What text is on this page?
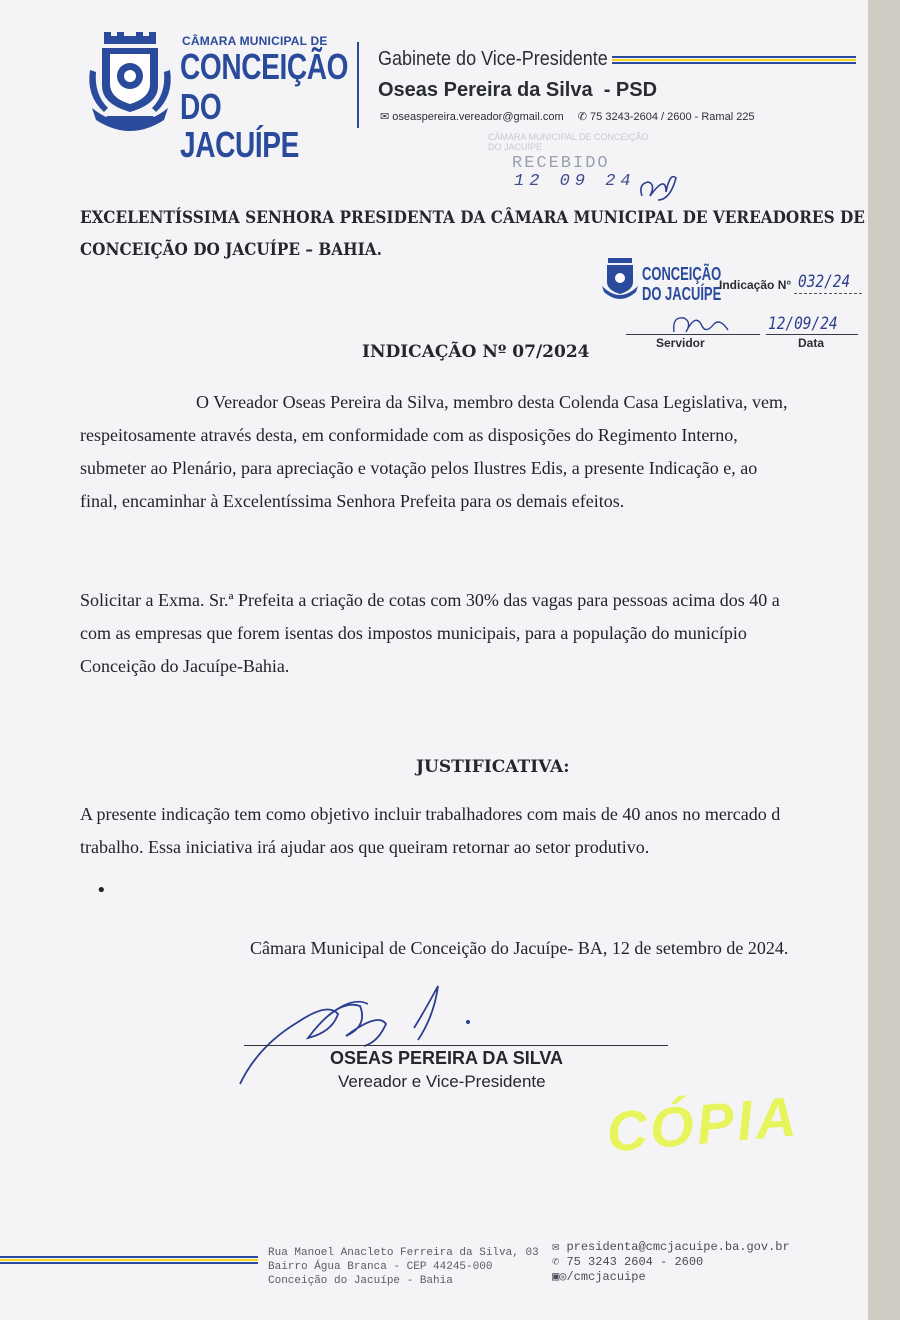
CÂMARA MUNICIPAL DE
CONCEIÇÃO
DO JACUÍPE
Gabinete do Vice-Presidente
Oseas Pereira da Silva  - PSD
✉ oseaspereira.vereador@gmail.com ✆ 75 3243-2604 / 2600 - Ramal 225
CÂMARA MUNICIPAL DE CONCEIÇÃO DO JACUÍPE
RECEBIDO
12 09 24
EXCELENTÍSSIMA SENHORA PRESIDENTA DA CÂMARA MUNICIPAL DE VEREADORES DE
CONCEIÇÃO DO JACUÍPE – BAHIA.
CONCEIÇÃO
DO JACUÍPE
Indicação N° 032/24
12/09/24
Servidor	Data
INDICAÇÃO Nº 07/2024
O Vereador Oseas Pereira da Silva, membro desta Colenda Casa Legislativa, vem,
respeitosamente através desta, em conformidade com as disposições do Regimento Interno,
submeter ao Plenário, para apreciação e votação pelos Ilustres Edis, a presente Indicação e, ao
final, encaminhar à Excelentíssima Senhora Prefeita para os demais efeitos.
Solicitar a Exma. Sr.ª Prefeita a criação de cotas com 30% das vagas para pessoas acima dos 40 a
com as empresas que forem isentas dos impostos municipais, para a população do município
Conceição do Jacuípe-Bahia.
JUSTIFICATIVA:
A presente indicação tem como objetivo incluir trabalhadores com mais de 40 anos no mercado d
trabalho. Essa iniciativa irá ajudar aos que queiram retornar ao setor produtivo.
•
Câmara Municipal de Conceição do Jacuípe- BA, 12 de setembro de 2024.
OSEAS PEREIRA DA SILVA
Vereador e Vice-Presidente
CÓPIA
Rua Manoel Anacleto Ferreira da Silva, 03
Bairro Água Branca - CEP 44245-000
Conceição do Jacuípe - Bahia
✉ presidenta@cmcjacuipe.ba.gov.br
✆ 75 3243 2604 - 2600
▣◎/cmcjacuipe
